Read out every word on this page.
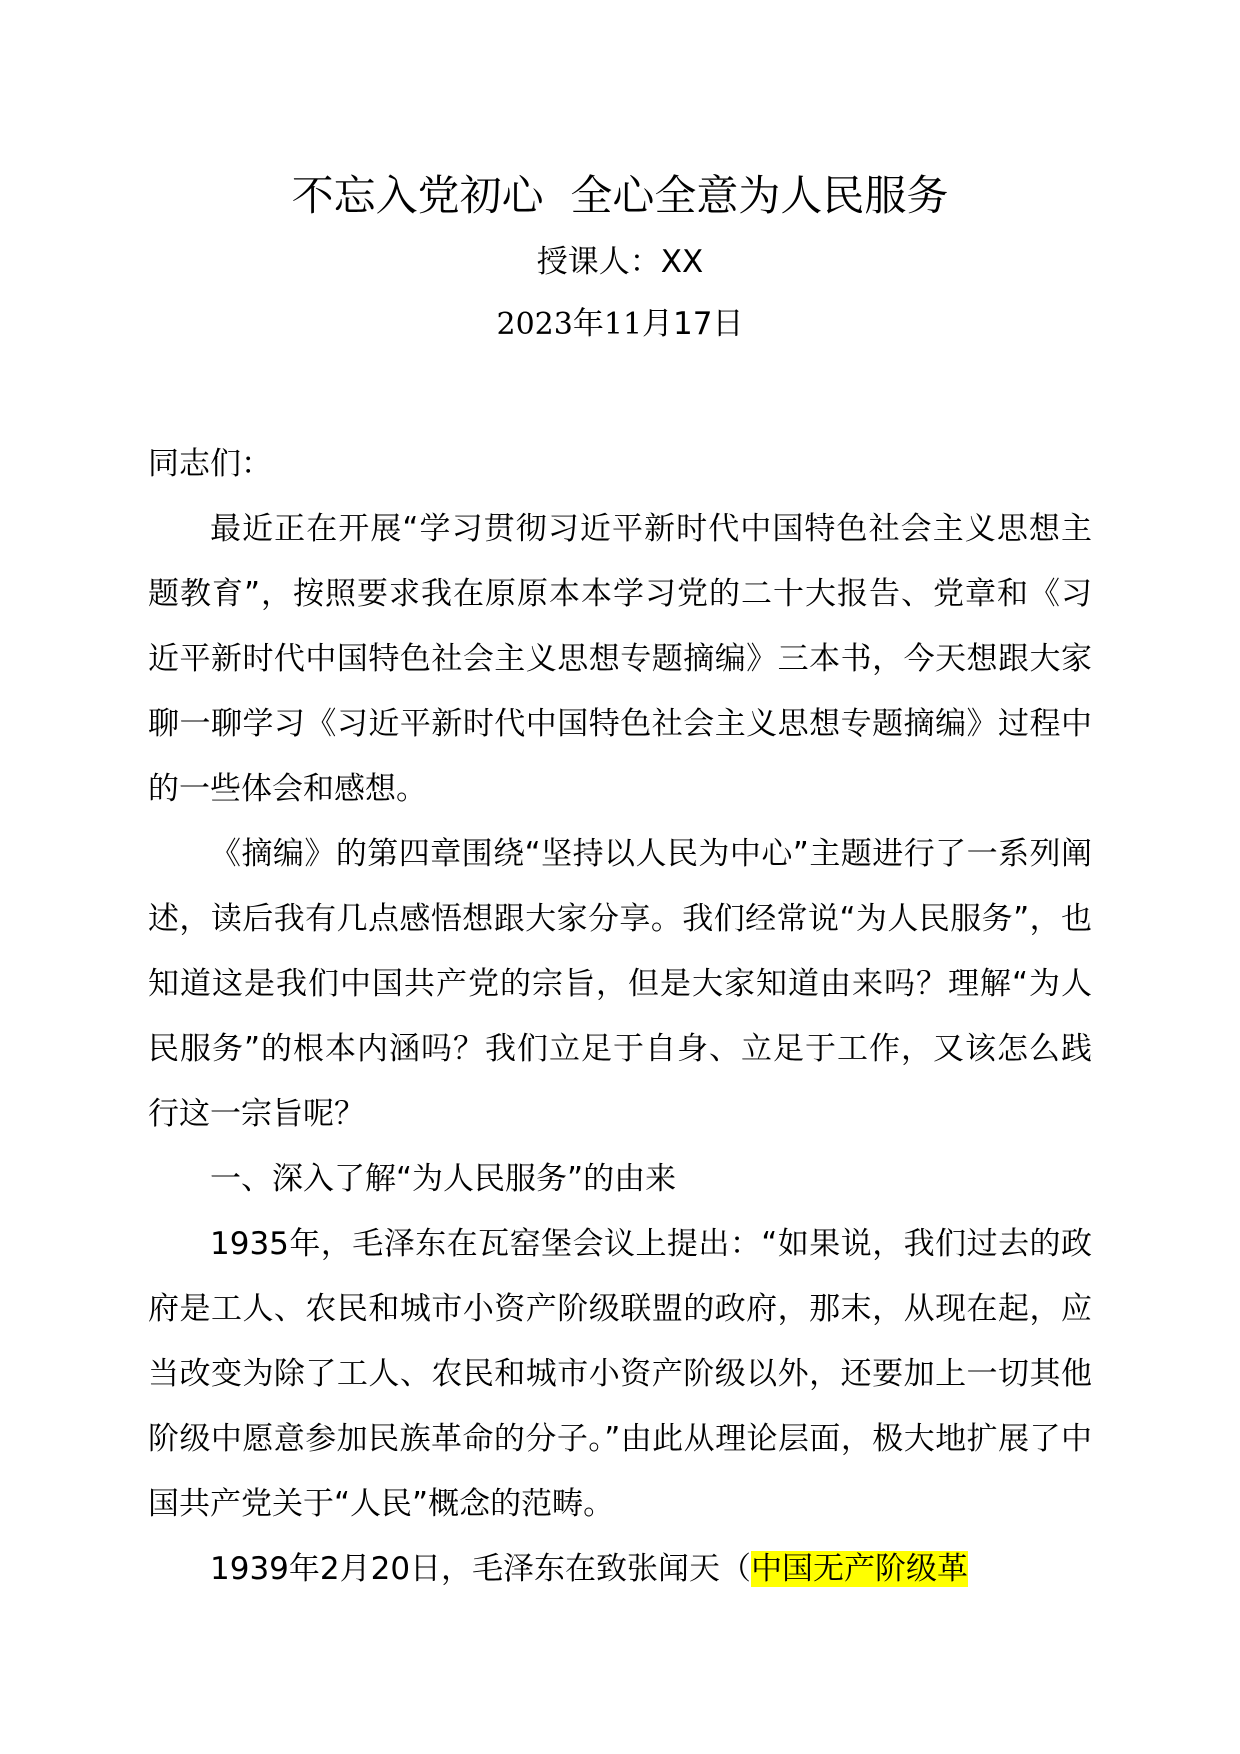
不忘入党初心  全心全意为人民服务
授课人：XX
2023年11月17日

同志们：

最近正在开展“学习贯彻习近平新时代中国特色社会主义思想主题教育”，按照要求我在原原本本学习党的二十大报告、党章和《习近平新时代中国特色社会主义思想专题摘编》三本书，今天想跟大家聊一聊学习《习近平新时代中国特色社会主义思想专题摘编》过程中的一些体会和感想。

《摘编》的第四章围绕“坚持以人民为中心”主题进行了一系列阐述，读后我有几点感悟想跟大家分享。我们经常说“为人民服务”，也知道这是我们中国共产党的宗旨，但是大家知道由来吗？理解“为人民服务”的根本内涵吗？我们立足于自身、立足于工作，又该怎么践行这一宗旨呢？

一、深入了解“为人民服务”的由来

1935年，毛泽东在瓦窑堡会议上提出：“如果说，我们过去的政府是工人、农民和城市小资产阶级联盟的政府，那末，从现在起，应当改变为除了工人、农民和城市小资产阶级以外，还要加上一切其他阶级中愿意参加民族革命的分子。”由此从理论层面，极大地扩展了中国共产党关于“人民”概念的范畴。

1939年2月20日，毛泽东在致张闻天（中国无产阶级革
